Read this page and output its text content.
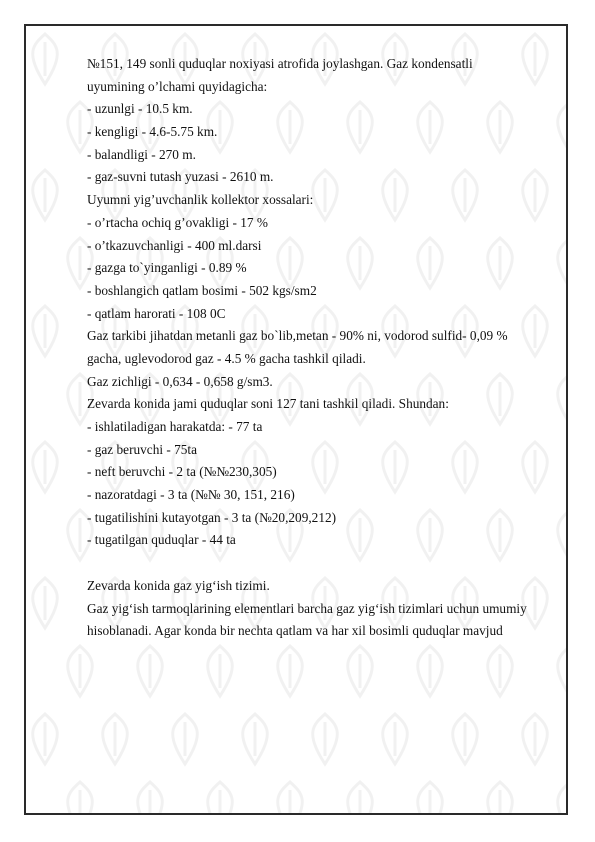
№151, 149 sonli quduqlar noxiyasi atrofida joylashgan. Gaz kondensatli
uyumining o’lchami quyidagicha:
- uzunlgi - 10.5 km.
- kengligi - 4.6-5.75 km.
- balandligi - 270 m.
- gaz-suvni tutash yuzasi - 2610 m.
Uyumni yig’uvchanlik kollektor xossalari:
- o’rtacha ochiq g’ovakligi - 17 %
- o’tkazuvchanligi - 400 ml.darsi
- gazga to`yinganligi - 0.89 %
- boshlangich qatlam bosimi - 502 kgs/sm2
- qatlam harorati - 108 0C
Gaz tarkibi jihatdan metanli gaz bo`lib,metan - 90% ni, vodorod sulfid- 0,09 %
gacha, uglevodorod gaz - 4.5 % gacha tashkil qiladi.
Gaz zichligi - 0,634 - 0,658 g/sm3.
Zevarda konida jami quduqlar soni 127 tani tashkil qiladi. Shundan:
- ishlatiladigan harakatda: - 77 ta
- gaz beruvchi - 75ta
- neft beruvchi - 2 ta (№№230,305)
- nazoratdagi - 3 ta (№№ 30, 151, 216)
- tugatilishini kutayotgan - 3 ta (№20,209,212)
- tugatilgan quduqlar - 44 ta
Zevarda konida gaz yig‘ish tizimi.
Gaz yig‘ish tarmoqlarining elementlari barcha gaz yig‘ish tizimlari uchun umumiy
hisoblanadi. Agar konda bir nechta qatlam va har xil bosimli quduqlar mavjud
